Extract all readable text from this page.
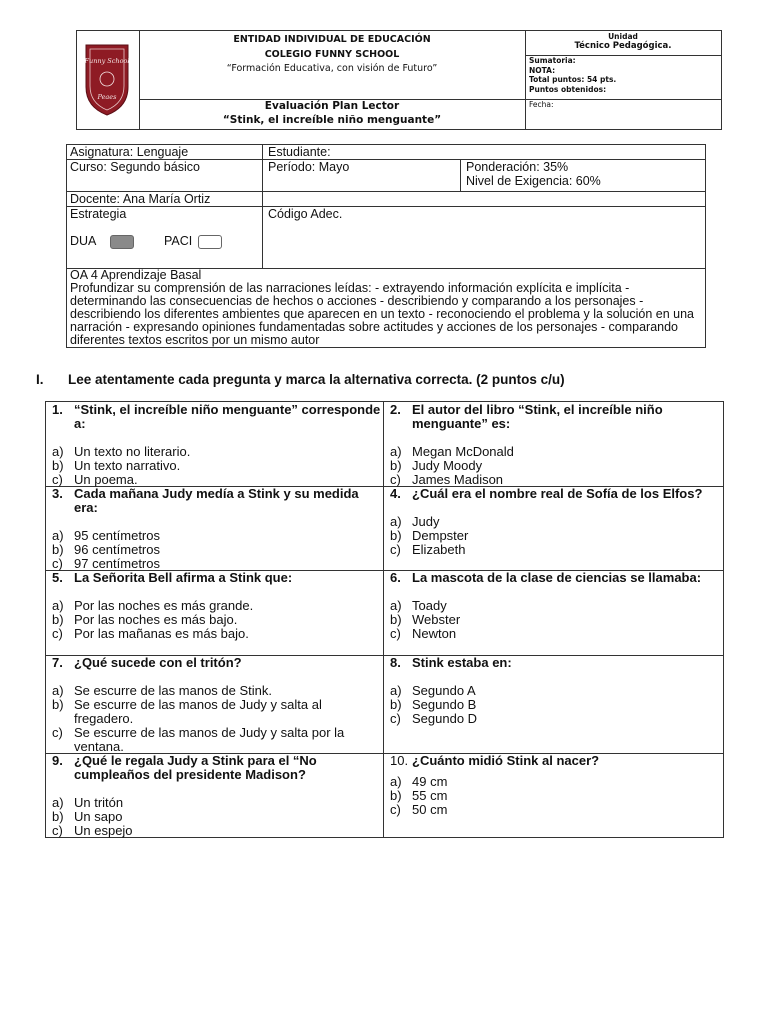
Funny School
Peaes
ENTIDAD INDIVIDUAL DE EDUCACIÓN
COLEGIO FUNNY SCHOOL
“Formación Educativa, con visión de Futuro”
Evaluación Plan Lector
“Stink, el increíble niño menguante”
Unidad
Técnico Pedagógica.
Sumatoria:
NOTA:
Total puntos: 54 pts.
Puntos obtenidos:
Fecha:
Asignatura: Lenguaje	Estudiante:
Curso: Segundo básico	Período: Mayo	Ponderación: 35%
Nivel de Exigencia: 60%
Docente: Ana María Ortiz
Estrategia	Código Adec.
DUA	PACI
OA 4 Aprendizaje Basal
Profundizar su comprensión de las narraciones leídas: - extrayendo información explícita e implícita - determinando las consecuencias de hechos o acciones - describiendo y comparando a los personajes - describiendo los diferentes ambientes que aparecen en un texto - reconociendo el problema y la solución en una narración - expresando opiniones fundamentadas sobre actitudes y acciones de los personajes - comparando diferentes textos escritos por un mismo autor
I. Lee atentamente cada pregunta y marca la alternativa correcta. (2 puntos c/u)
1. “Stink, el increíble niño menguante” corresponde a:
a) Un texto no literario.
b) Un texto narrativo.
c) Un poema.
2. El autor del libro “Stink, el increíble niño menguante” es:
a) Megan McDonald
b) Judy Moody
c) James Madison
3. Cada mañana Judy medía a Stink y su medida era:
a) 95 centímetros
b) 96 centímetros
c) 97 centímetros
4. ¿Cuál era el nombre real de Sofía de los Elfos?
a) Judy
b) Dempster
c) Elizabeth
5. La Señorita Bell afirma a Stink que:
a) Por las noches es más grande.
b) Por las noches es más bajo.
c) Por las mañanas es más bajo.
6. La mascota de la clase de ciencias se llamaba:
a) Toady
b) Webster
c) Newton
7. ¿Qué sucede con el tritón?
a) Se escurre de las manos de Stink.
b) Se escurre de las manos de Judy y salta al fregadero.
c) Se escurre de las manos de Judy y salta por la ventana.
8. Stink estaba en:
a) Segundo A
b) Segundo B
c) Segundo D
9. ¿Qué le regala Judy a Stink para el “No cumpleaños del presidente Madison?
a) Un tritón
b) Un sapo
c) Un espejo
10. ¿Cuánto midió Stink al nacer?
a) 49 cm
b) 55 cm
c) 50 cm
